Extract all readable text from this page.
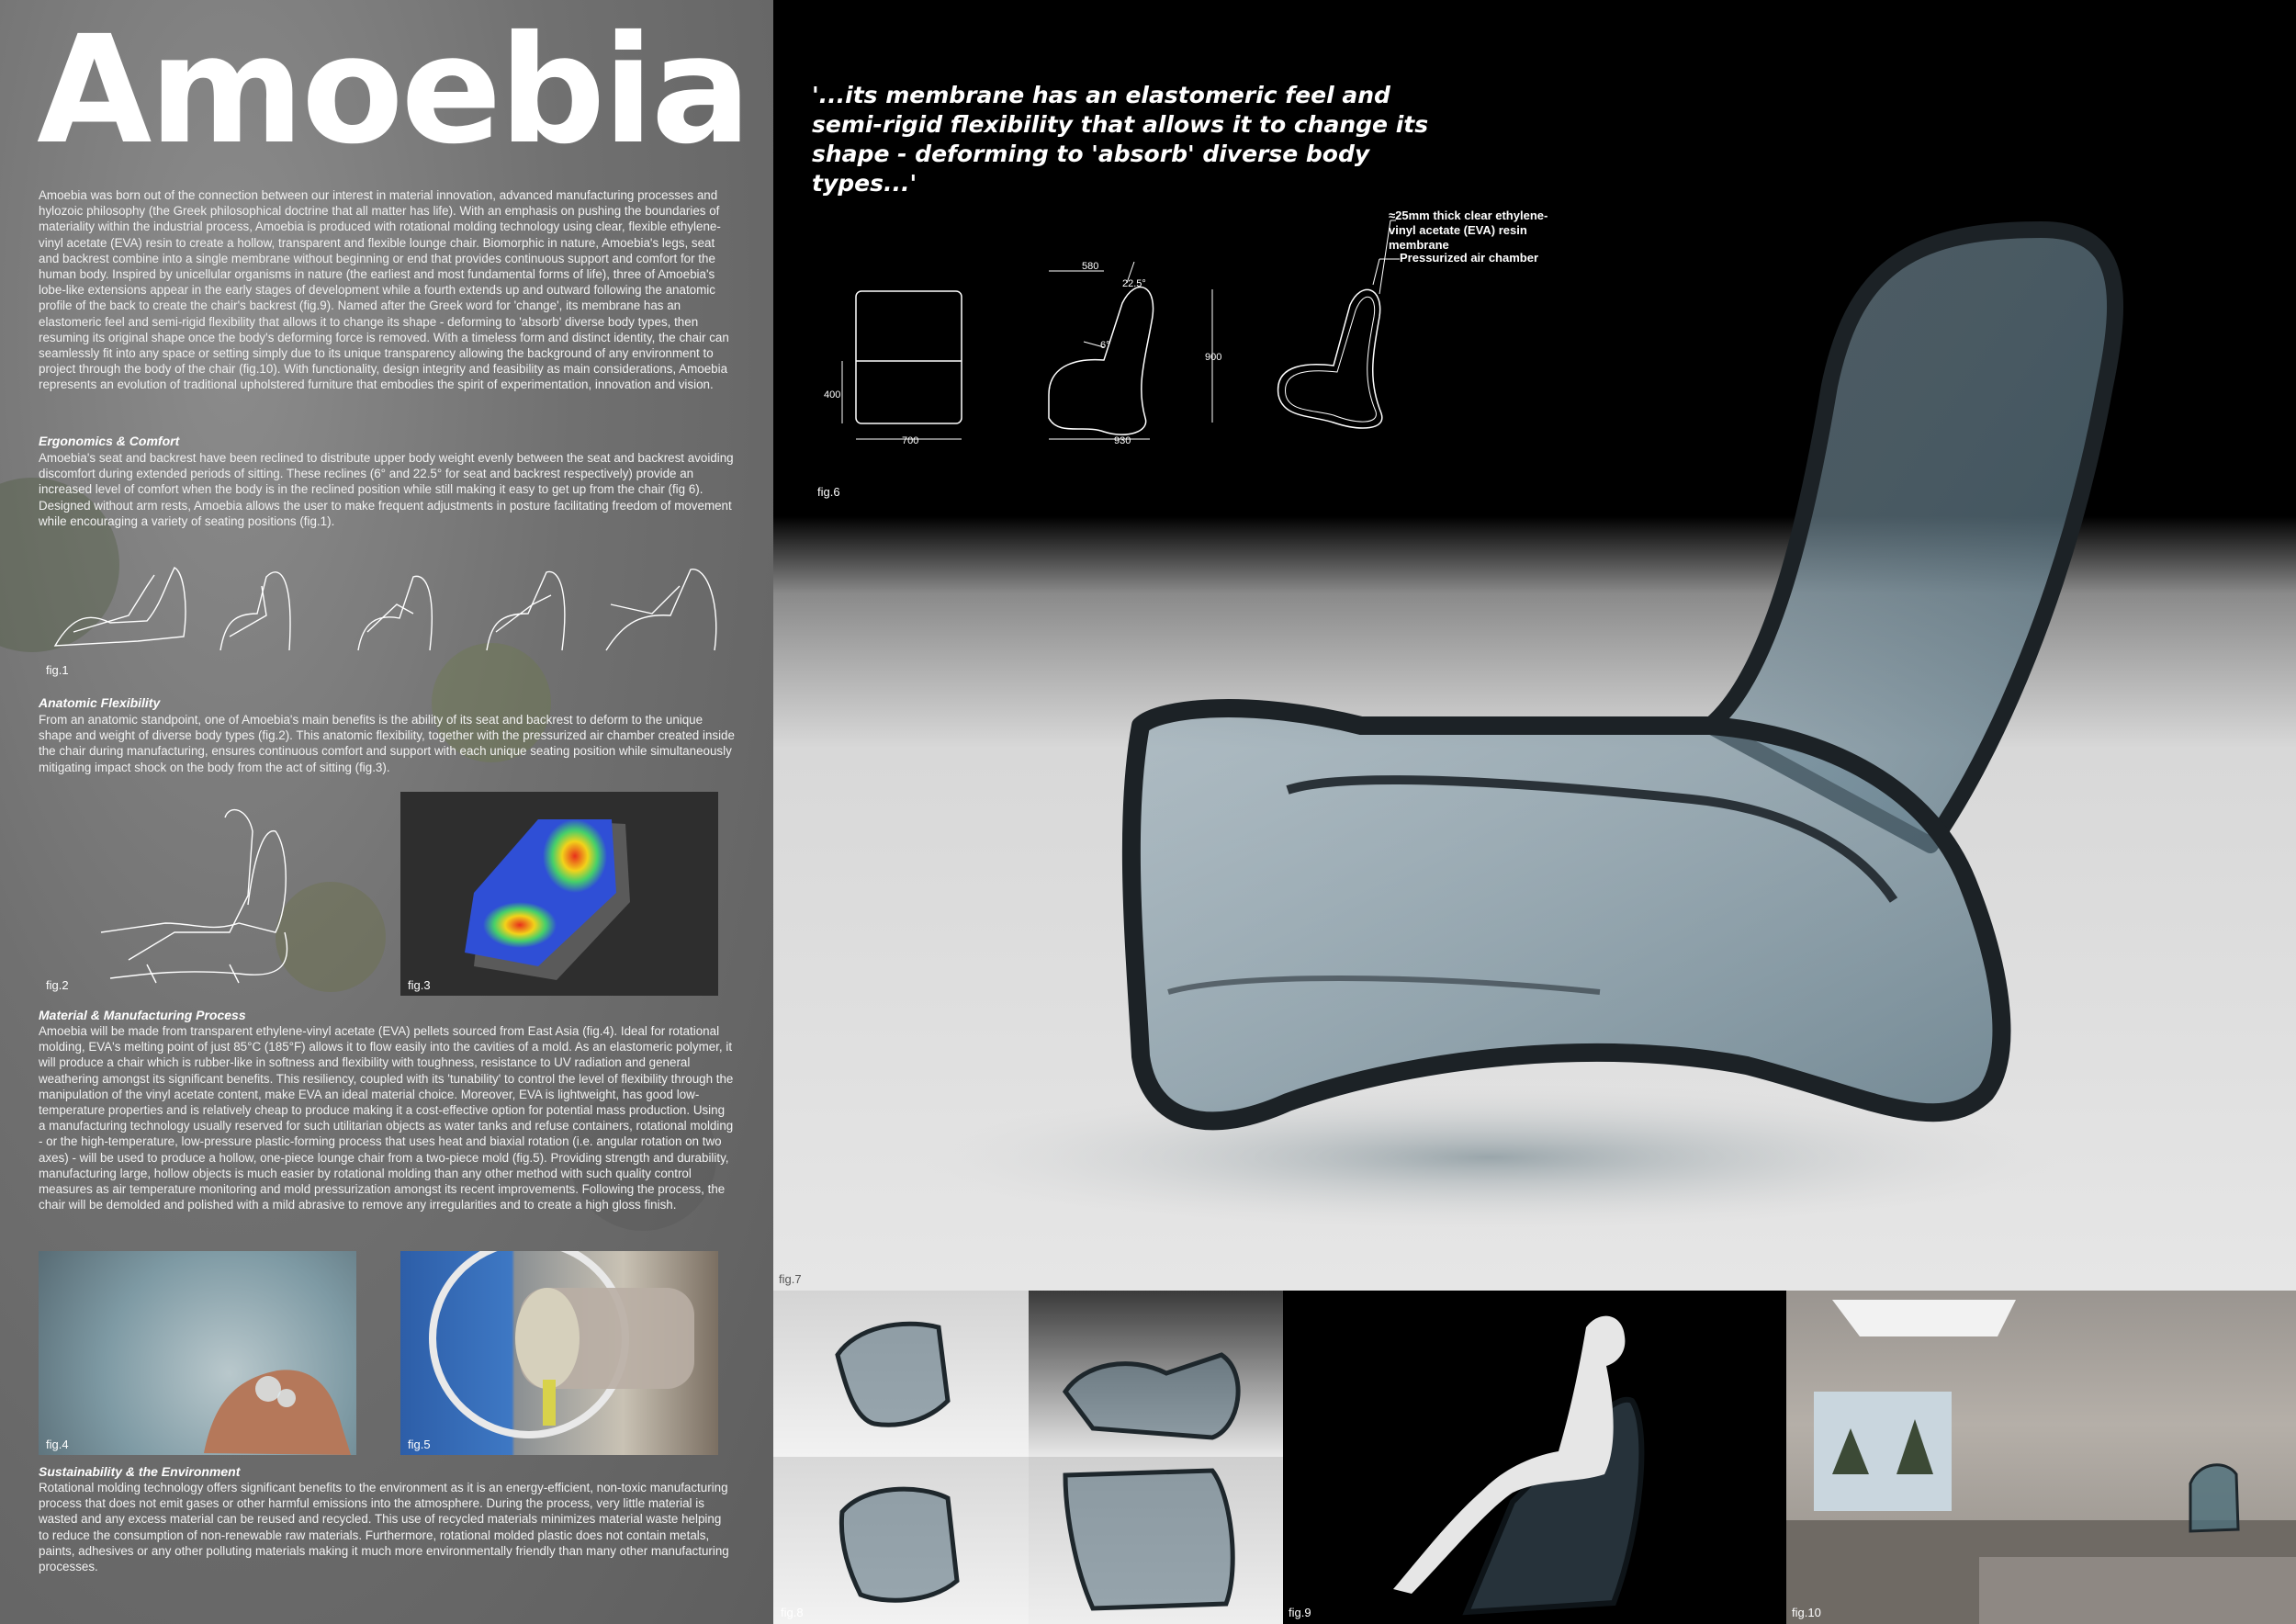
Amoebia

Amoebia was born out of the connection between our interest in material innovation, advanced manufacturing processes and hylozoic philosophy (the Greek philosophical doctrine that all matter has life). With an emphasis on pushing the boundaries of materiality within the industrial process, Amoebia is produced with rotational molding technology using clear, flexible ethylene-vinyl acetate (EVA) resin to create a hollow, transparent and flexible lounge chair. Biomorphic in nature, Amoebia's legs, seat and backrest combine into a single membrane without beginning or end that provides continuous support and comfort for the human body. Inspired by unicellular organisms in nature (the earliest and most fundamental forms of life), three of Amoebia's lobe-like extensions appear in the early stages of development while a fourth extends up and outward following the anatomic profile of the back to create the chair's backrest (fig.9). Named after the Greek word for 'change', its membrane has an elastomeric feel and semi-rigid flexibility that allows it to change its shape - deforming to 'absorb' diverse body types, then resuming its original shape once the body's deforming force is removed. With a timeless form and distinct identity, the chair can seamlessly fit into any space or setting simply due to its unique transparency allowing the background of any environment to project through the body of the chair (fig.10). With functionality, design integrity and feasibility as main considerations, Amoebia represents an evolution of traditional upholstered furniture that embodies the spirit of experimentation, innovation and vision.

Ergonomics & Comfort

Amoebia's seat and backrest have been reclined to distribute upper body weight evenly between the seat and backrest avoiding discomfort during extended periods of sitting. These reclines (6° and 22.5° for seat and backrest respectively) provide an increased level of comfort when the body is in the reclined position while still making it easy to get up from the chair (fig 6). Designed without arm rests, Amoebia allows the user to make frequent adjustments in posture facilitating freedom of movement while encouraging a variety of seating positions (fig.1).

fig.1

Anatomic Flexibility

From an anatomic standpoint, one of Amoebia's main benefits is the ability of its seat and backrest to deform to the unique shape and weight of diverse body types (fig.2). This anatomic flexibility, together with the pressurized air chamber created inside the chair during manufacturing, ensures continuous comfort and support with each unique seating position while simultaneously mitigating impact shock on the body from the act of sitting (fig.3).

fig.2	fig.3

Material & Manufacturing Process

Amoebia will be made from transparent ethylene-vinyl acetate (EVA) pellets sourced from East Asia (fig.4). Ideal for rotational molding, EVA's melting point of just 85°C (185°F) allows it to flow easily into the cavities of a mold. As an elastomeric polymer, it will produce a chair which is rubber-like in softness and flexibility with toughness, resistance to UV radiation and general weathering amongst its significant benefits. This resiliency, coupled with its 'tunability' to control the level of flexibility through the manipulation of the vinyl acetate content, make EVA an ideal material choice. Moreover, EVA is lightweight, has good low-temperature properties and is relatively cheap to produce making it a cost-effective option for potential mass production. Using a manufacturing technology usually reserved for such utilitarian objects as water tanks and refuse containers, rotational molding - or the high-temperature, low-pressure plastic-forming process that uses heat and biaxial rotation (i.e. angular rotation on two axes) - will be used to produce a hollow, one-piece lounge chair from a two-piece mold (fig.5). Providing strength and durability, manufacturing large, hollow objects is much easier by rotational molding than any other method with such quality control measures as air temperature monitoring and mold pressurization amongst its recent improvements. Following the process, the chair will be demolded and polished with a mild abrasive to remove any irregularities and to create a high gloss finish.

fig.4	fig.5

Sustainability & the Environment

Rotational molding technology offers significant benefits to the environment as it is an energy-efficient, non-toxic manufacturing process that does not emit gases or other harmful emissions into the atmosphere. During the process, very little material is wasted and any excess material can be reused and recycled. This use of recycled materials minimizes material waste helping to reduce the consumption of non-renewable raw materials. Furthermore, rotational molded plastic does not contain metals, paints, adhesives or any other polluting materials making it much more environmentally friendly than many other manufacturing processes.

'...its membrane has an elastomeric feel and semi-rigid flexibility that allows it to change its shape - deforming to 'absorb' diverse body types...'

≈25mm thick clear ethylene-vinyl acetate (EVA) resin membrane
Pressurized air chamber
580
22.5°
6°
900
400
700	930
fig.6
fig.7
fig.8	fig.9	fig.10
